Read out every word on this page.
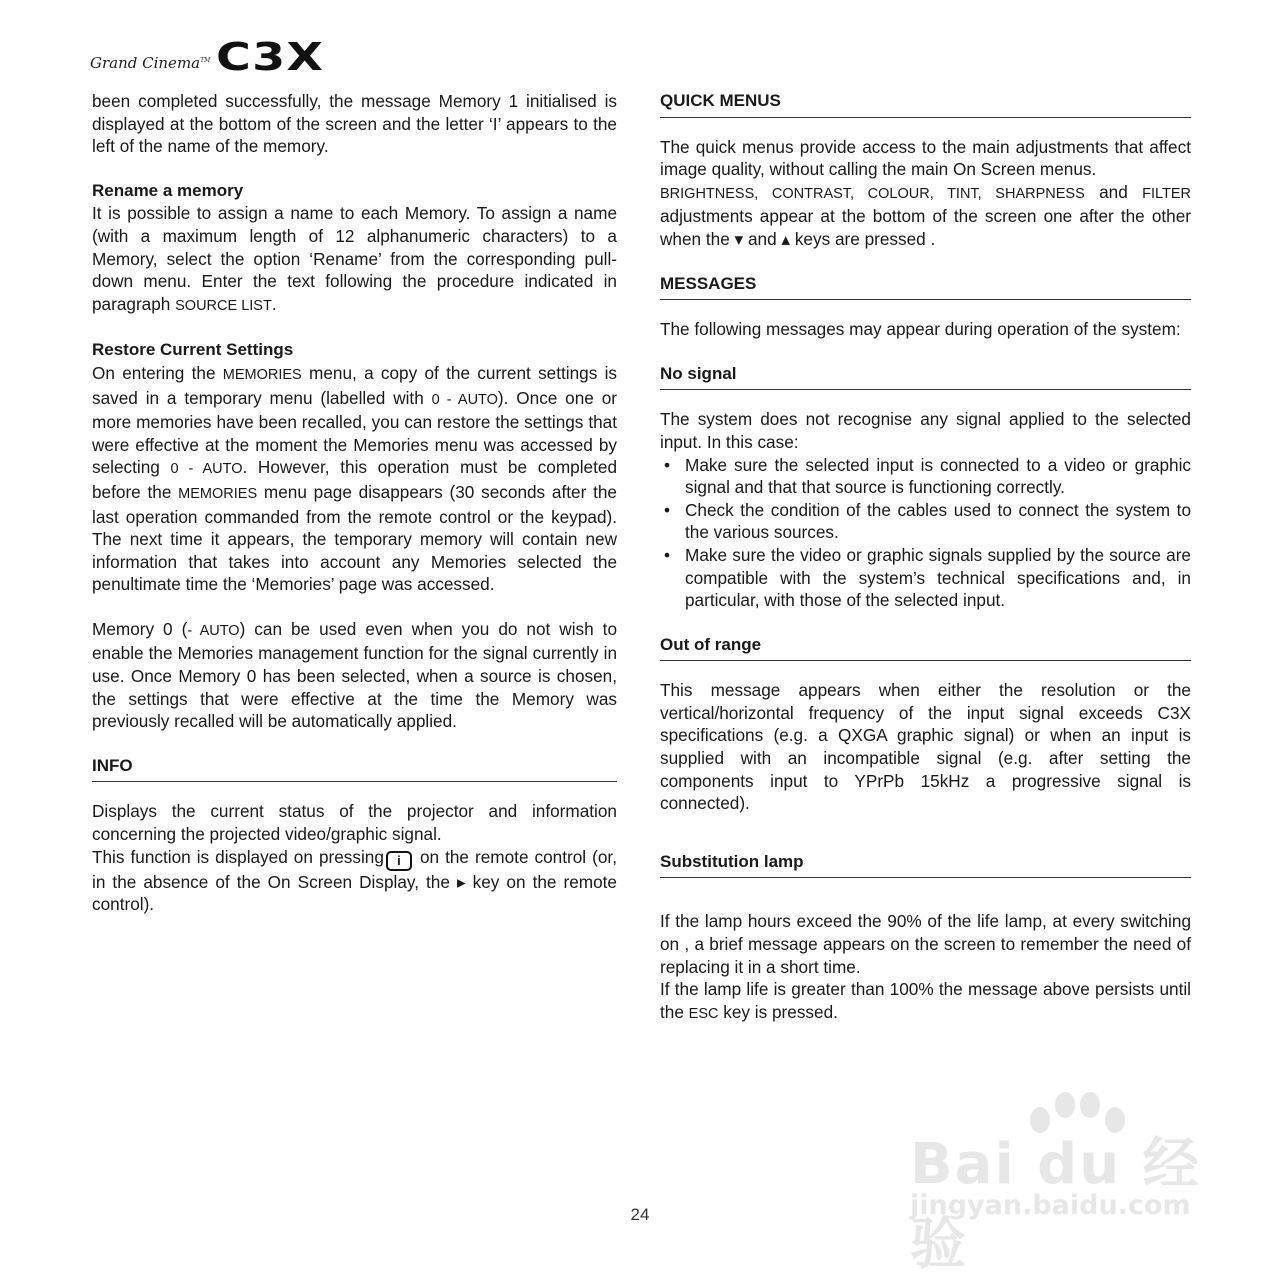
Grand Cinema™ C3X

been completed successfully, the message Memory 1 initialised is displayed at the bottom of the screen and the letter ‘I’ appears to the left of the name of the memory.

Rename a memory

It is possible to assign a name to each Memory. To assign a name (with a maximum length of 12 alphanumeric characters) to a Memory, select the option ‘Rename’ from the corresponding pull-down menu. Enter the text following the procedure indicated in paragraph SOURCE LIST.

Restore Current Settings

On entering the MEMORIES menu, a copy of the current settings is saved in a temporary menu (labelled with 0 - AUTO). Once one or more memories have been recalled, you can restore the settings that were effective at the moment the Memories menu was accessed by selecting 0 - AUTO. However, this operation must be completed before the MEMORIES menu page disappears (30 seconds after the last operation commanded from the remote control or the keypad). The next time it appears, the temporary memory will contain new information that takes into account any Memories selected the penultimate time the ‘Memories’ page was accessed.

Memory 0 (- AUTO) can be used even when you do not wish to enable the Memories management function for the signal currently in use. Once Memory 0 has been selected, when a source is chosen, the settings that were effective at the time the Memory was previously recalled will be automatically applied.

INFO

Displays the current status of the projector and information concerning the projected video/graphic signal.

This function is displayed on pressing i on the remote control (or, in the absence of the On Screen Display, the ▸ key on the remote control).

QUICK MENUS

The quick menus provide access to the main adjustments that affect image quality, without calling the main On Screen menus.

BRIGHTNESS, CONTRAST, COLOUR, TINT, SHARPNESS and FILTER adjustments appear at the bottom of the screen one after the other when the ▾ and ▴ keys are pressed .

MESSAGES

The following messages may appear during operation of the system:

No signal

The system does not recognise any signal applied to the selected input. In this case:

• Make sure the selected input is connected to a video or graphic signal and that that source is functioning correctly.
• Check the condition of the cables used to connect the system to the various sources.
• Make sure the video or graphic signals supplied by the source are compatible with the system’s technical specifications and, in particular, with those of the selected input.

Out of range

This message appears when either the resolution or the vertical/horizontal frequency of the input signal exceeds C3X specifications (e.g. a QXGA graphic signal) or when an input is supplied with an incompatible signal (e.g. after setting the components input to YPrPb 15kHz a progressive signal is connected).

Substitution lamp

If the lamp hours exceed the 90% of the life lamp, at every switching on , a brief message appears on the screen to remember the need of replacing it in a short time.

If the lamp life is greater than 100% the message above persists until the ESC key is pressed.

24
Bai du 经验
jingyan.baidu.com
